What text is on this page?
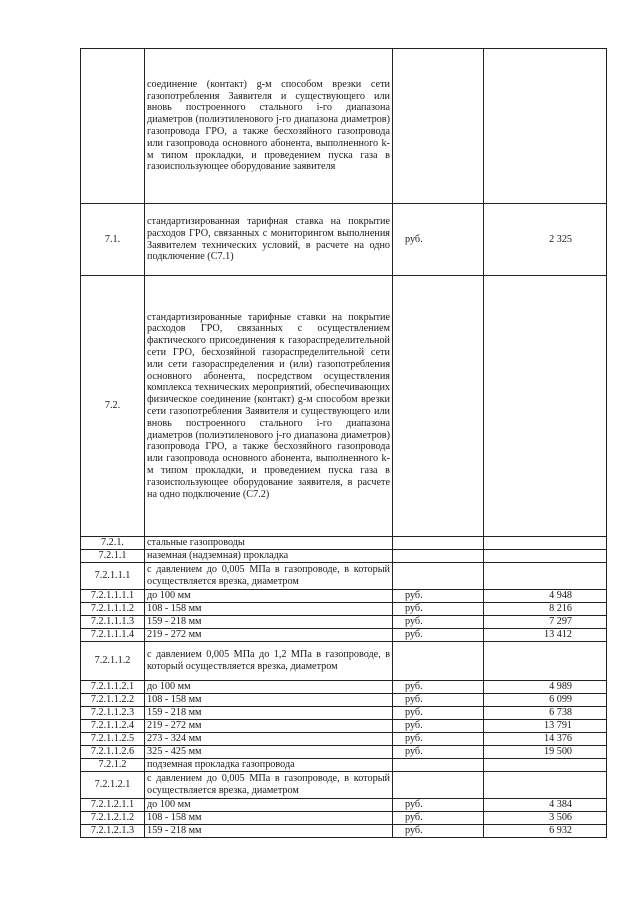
	соединение (контакт) g-м способом врезки сети газопотребления Заявителя и существующего или вновь построенного стального i-го диапазона диаметров (полиэтиленового j-го диапазона диаметров) газопровода ГРО, а также бесхозяйного газопровода или газопровода основного абонента, выполненного k-м типом прокладки, и проведением пуска газа в газоиспользующее оборудование заявителя		
7.1.	стандартизированная тарифная ставка на покрытие расходов ГРО, связанных с мониторингом выполнения Заявителем технических условий, в расчете на одно подключение (С7.1)	руб.	2 325
7.2.	стандартизированные тарифные ставки на покрытие расходов ГРО, связанных с осуществлением фактического присоединения к газораспределительной сети ГРО, бесхозяйной газораспределительной сети или сети газораспределения и (или) газопотребления основного абонента, посредством осуществления комплекса технических мероприятий, обеспечивающих физическое соединение (контакт) g-м способом врезки сети газопотребления Заявителя и существующего или вновь построенного стального i-го диапазона диаметров (полиэтиленового j-го диапазона диаметров) газопровода ГРО, а также бесхозяйного газопровода или газопровода основного абонента, выполненного k-м типом прокладки, и проведением пуска газа в газоиспользующее оборудование заявителя, в расчете на одно подключение (С7.2)		
7.2.1.	стальные газопроводы		
7.2.1.1	наземная (надземная) прокладка		
7.2.1.1.1	с давлением до 0,005 МПа в газопроводе, в который осуществляется врезка, диаметром		
7.2.1.1.1.1	до 100 мм	руб.	4 948
7.2.1.1.1.2	108 - 158 мм	руб.	8 216
7.2.1.1.1.3	159 - 218 мм	руб.	7 297
7.2.1.1.1.4	219 - 272 мм	руб.	13 412
7.2.1.1.2	с давлением 0,005 МПа до 1,2 МПа в газопроводе, в который осуществляется врезка, диаметром		
7.2.1.1.2.1	до 100 мм	руб.	4 989
7.2.1.1.2.2	108 - 158 мм	руб.	6 099
7.2.1.1.2.3	159 - 218 мм	руб.	6 738
7.2.1.1.2.4	219 - 272 мм	руб.	13 791
7.2.1.1.2.5	273 - 324 мм	руб.	14 376
7.2.1.1.2.6	325 - 425 мм	руб.	19 500
7.2.1.2	подземная прокладка газопровода		
7.2.1.2.1	с давлением до 0,005 МПа в газопроводе, в который осуществляется врезка, диаметром		
7.2.1.2.1.1	до 100 мм	руб.	4 384
7.2.1.2.1.2	108 - 158 мм	руб.	3 506
7.2.1.2.1.3	159 - 218 мм	руб.	6 932
